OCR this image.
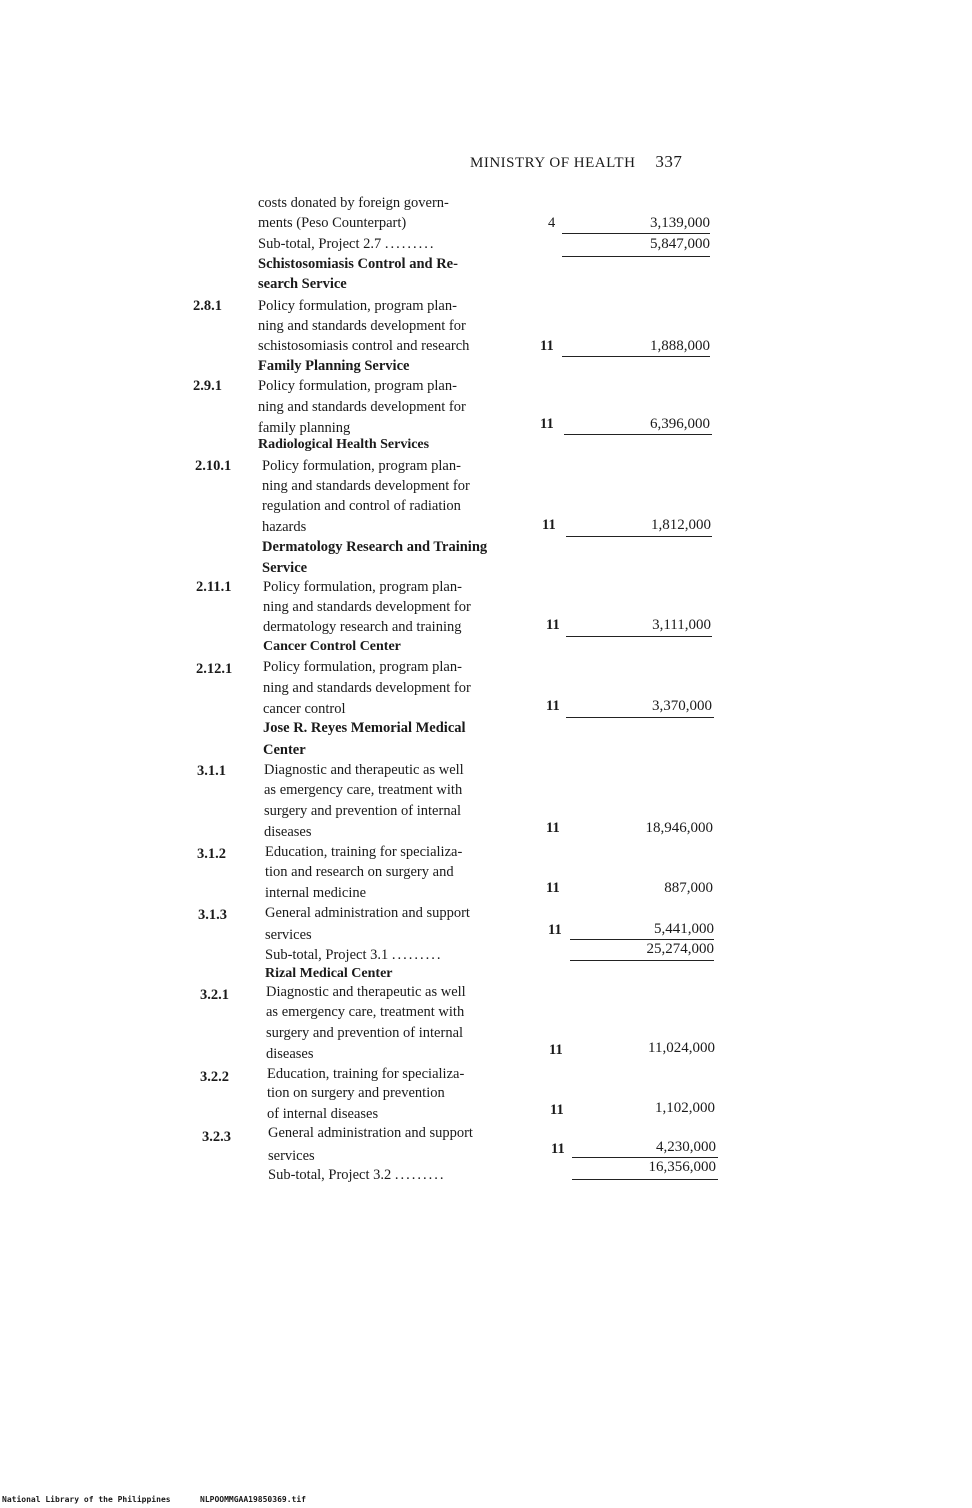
MINISTRY OF HEALTH 337
costs donated by foreign govern-
ments (Peso Counterpart)	4	3,139,000
Sub-total, Project 2.7 .........	5,847,000
Schistosomiasis Control and Re-
search Service
2.8.1 Policy formulation, program plan-
ning and standards development for
schistosomiasis control and research	11	1,888,000
Family Planning Service
2.9.1 Policy formulation, program plan-
ning and standards development for
family planning	11	6,396,000
Radiological Health Services
2.10.1 Policy formulation, program plan-
ning and standards development for
regulation and control of radiation
hazards	11	1,812,000
Dermatology Research and Training
Service
2.11.1 Policy formulation, program plan-
ning and standards development for
dermatology research and training	11	3,111,000
Cancer Control Center
2.12.1 Policy formulation, program plan-
ning and standards development for
cancer control	11	3,370,000
Jose R. Reyes Memorial Medical
Center
3.1.1	Diagnostic and therapeutic as well
as emergency care, treatment with
surgery and prevention of internal
diseases	11	18,946,000
3.1.2	Education, training for specializa-
tion and research on surgery and
internal medicine	11	887,000
3.1.3	General administration and support
services	11	5,441,000
Sub-total, Project 3.1 .........	25,274,000
Rizal Medical Center
3.2.1	Diagnostic and therapeutic as well
as emergency care, treatment with
surgery and prevention of internal
diseases	11	11,024,000
3.2.2	Education, training for specializa-
tion on surgery and prevention
of internal diseases	11	1,102,000
3.2.3	General administration and support
services	11	4,230,000
Sub-total, Project 3.2 .........	16,356,000
National Library of the Philippines	NLPOOMMGAA19850369.tif
